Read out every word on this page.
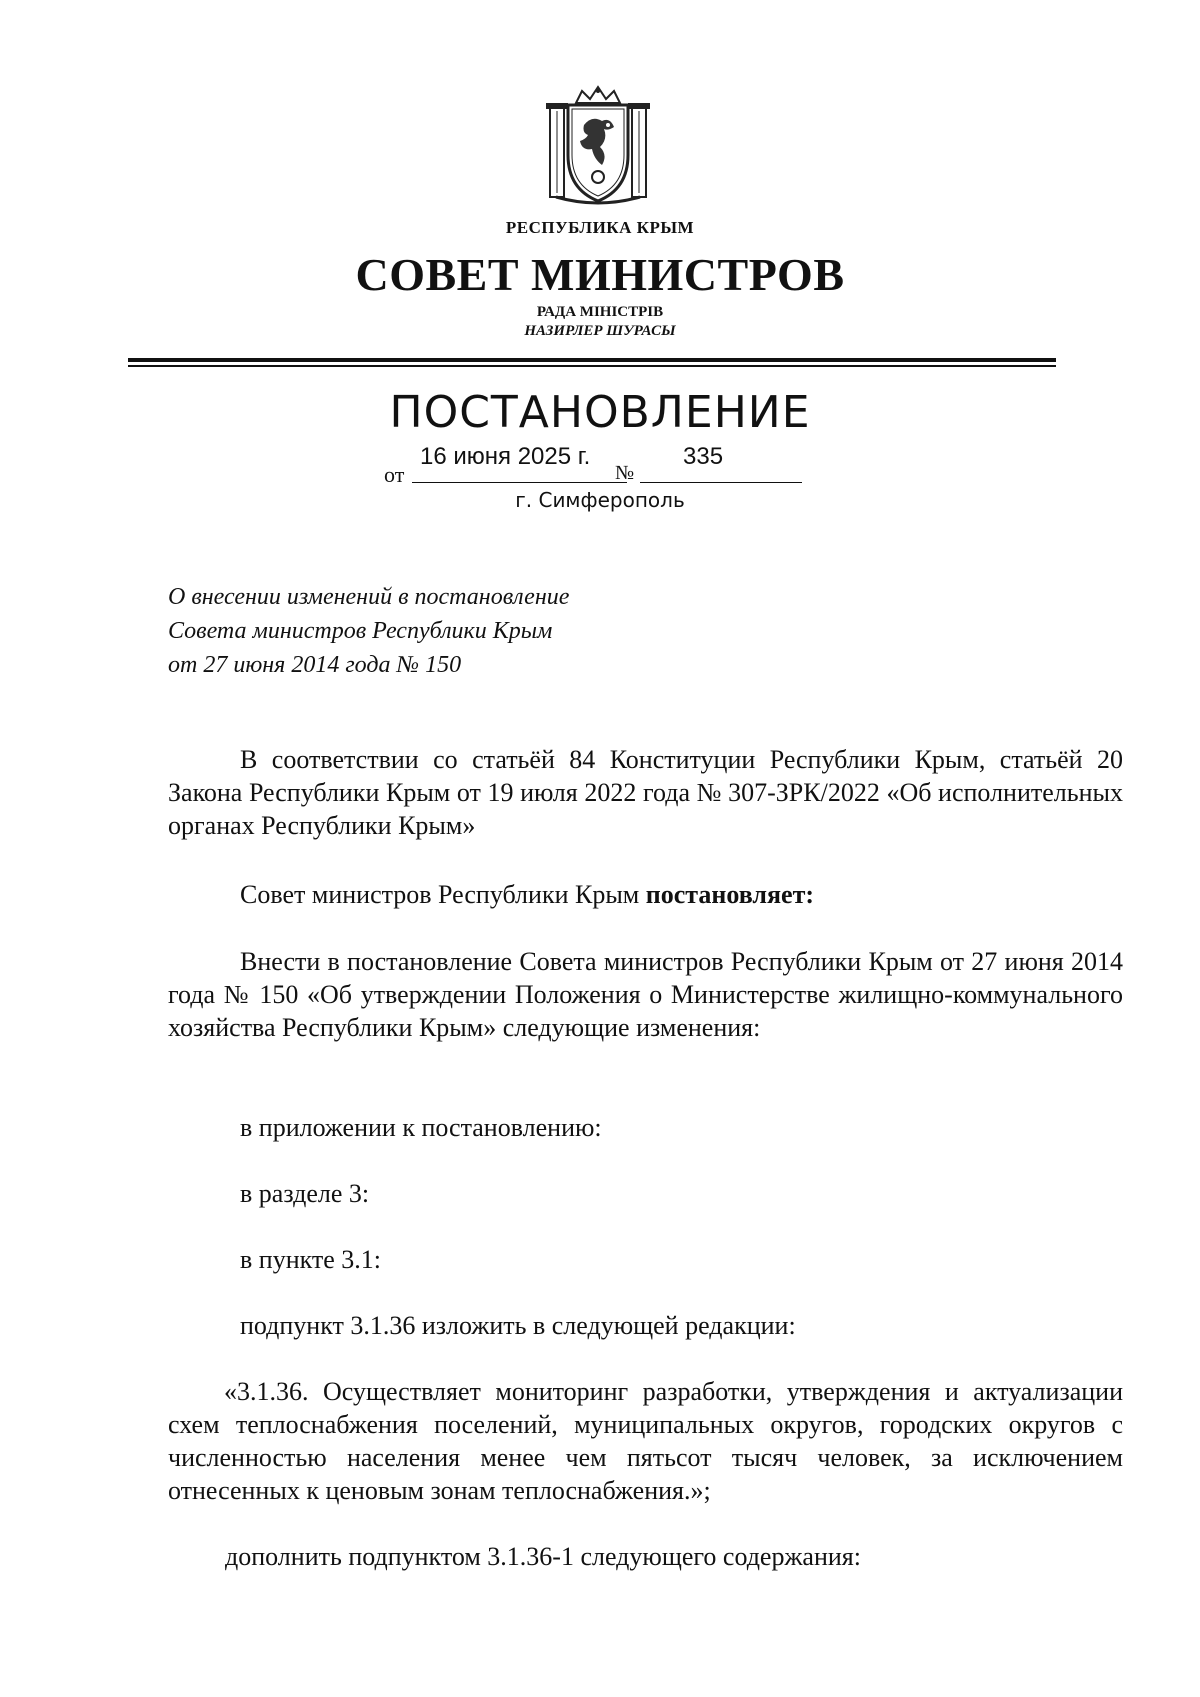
РЕСПУБЛИКА КРЫМ
СОВЕТ МИНИСТРОВ
РАДА МІНІСТРІВ
НАЗИРЛЕР ШУРАСЫ
ПОСТАНОВЛЕНИЕ
от
16 июня 2025 г.
№
335
г. Симферополь
О внесении изменений в постановление
Совета министров Республики Крым
от 27 июня 2014 года № 150
В соответствии со статьёй 84 Конституции Республики Крым, статьёй 20 Закона Республики Крым от 19 июля 2022 года № 307-ЗРК/2022 «Об исполнительных органах Республики Крым»
Совет министров Республики Крым постановляет:
Внести в постановление Совета министров Республики Крым от 27 июня 2014 года № 150 «Об утверждении Положения о Министерстве жилищно-коммунального хозяйства Республики Крым» следующие изменения:
в приложении к постановлению:
в разделе 3:
в пункте 3.1:
подпункт 3.1.36 изложить в следующей редакции:
«3.1.36. Осуществляет мониторинг разработки, утверждения и актуализации схем теплоснабжения поселений, муниципальных округов, городских округов с численностью населения менее чем пятьсот тысяч человек, за исключением отнесенных к ценовым зонам теплоснабжения.»;
дополнить подпунктом 3.1.36-1 следующего содержания:
